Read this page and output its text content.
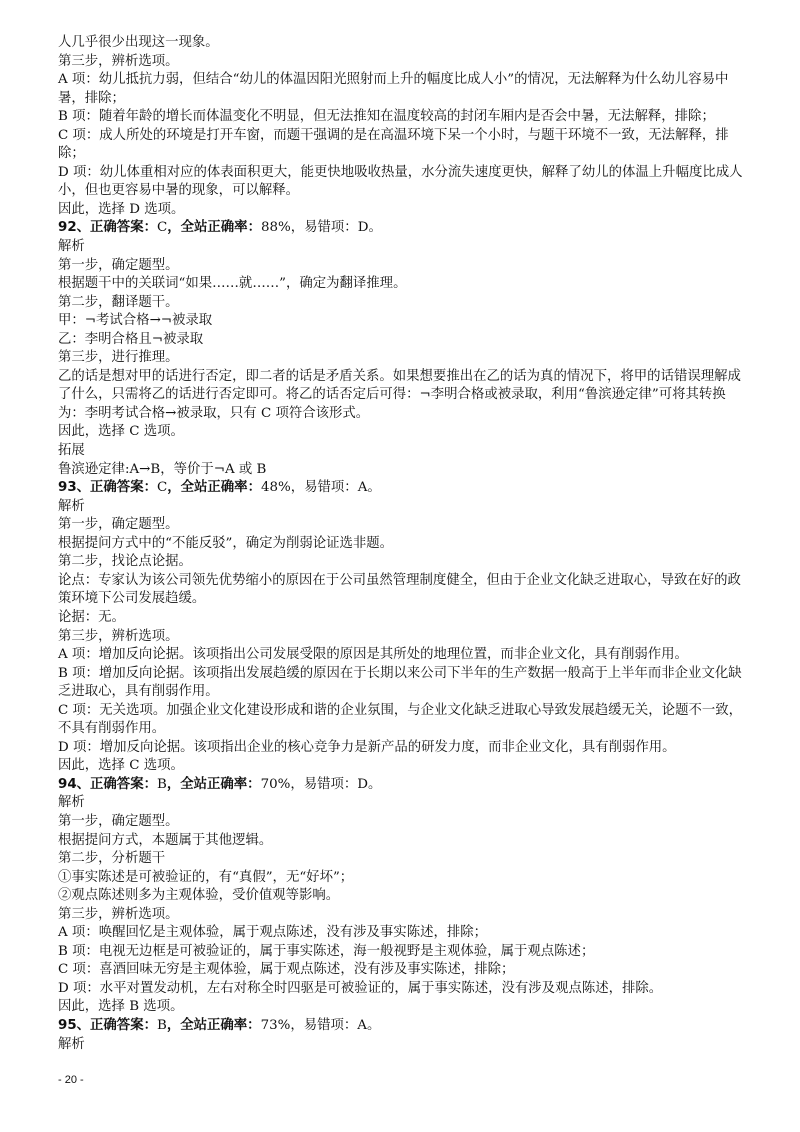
人几乎很少出现这一现象。
第三步，辨析选项。
A 项：幼儿抵抗力弱，但结合“幼儿的体温因阳光照射而上升的幅度比成人小”的情况，无法解释为什么幼儿容易中暑，排除；
B 项：随着年龄的增长而体温变化不明显，但无法推知在温度较高的封闭车厢内是否会中暑，无法解释，排除；
C 项：成人所处的环境是打开车窗，而题干强调的是在高温环境下呆一个小时，与题干环境不一致，无法解释，排除；
D 项：幼儿体重相对应的体表面积更大，能更快地吸收热量，水分流失速度更快，解释了幼儿的体温上升幅度比成人小，但也更容易中暑的现象，可以解释。
因此，选择 D 选项。
92、正确答案：C，全站正确率：88%，易错项：D。
解析
第一步，确定题型。
根据题干中的关联词“如果……就……”，确定为翻译推理。
第二步，翻译题干。
甲：¬考试合格→¬被录取
乙：李明合格且¬被录取
第三步，进行推理。
乙的话是想对甲的话进行否定，即二者的话是矛盾关系。如果想要推出在乙的话为真的情况下，将甲的话错误理解成了什么，只需将乙的话进行否定即可。将乙的话否定后可得：¬李明合格或被录取，利用“鲁滨逊定律”可将其转换为：李明考试合格→被录取，只有 C 项符合该形式。
因此，选择 C 选项。
拓展
鲁滨逊定律:A→B，等价于¬A 或 B
93、正确答案：C，全站正确率：48%，易错项：A。
解析
第一步，确定题型。
根据提问方式中的“不能反驳”，确定为削弱论证选非题。
第二步，找论点论据。
论点：专家认为该公司领先优势缩小的原因在于公司虽然管理制度健全，但由于企业文化缺乏进取心，导致在好的政策环境下公司发展趋缓。
论据：无。
第三步，辨析选项。
A 项：增加反向论据。该项指出公司发展受限的原因是其所处的地理位置，而非企业文化，具有削弱作用。
B 项：增加反向论据。该项指出发展趋缓的原因在于长期以来公司下半年的生产数据一般高于上半年而非企业文化缺乏进取心，具有削弱作用。
C 项：无关选项。加强企业文化建设形成和谐的企业氛围，与企业文化缺乏进取心导致发展趋缓无关，论题不一致，不具有削弱作用。
D 项：增加反向论据。该项指出企业的核心竞争力是新产品的研发力度，而非企业文化，具有削弱作用。
因此，选择 C 选项。
94、正确答案：B，全站正确率：70%，易错项：D。
解析
第一步，确定题型。
根据提问方式，本题属于其他逻辑。
第二步，分析题干
①事实陈述是可被验证的，有“真假”，无“好坏”；
②观点陈述则多为主观体验，受价值观等影响。
第三步，辨析选项。
A 项：唤醒回忆是主观体验，属于观点陈述，没有涉及事实陈述，排除；
B 项：电视无边框是可被验证的，属于事实陈述，海一般视野是主观体验，属于观点陈述；
C 项：喜酒回味无穷是主观体验，属于观点陈述，没有涉及事实陈述，排除；
D 项：水平对置发动机，左右对称全时四驱是可被验证的，属于事实陈述，没有涉及观点陈述，排除。
因此，选择 B 选项。
95、正确答案：B，全站正确率：73%，易错项：A。
解析
- 20 -
